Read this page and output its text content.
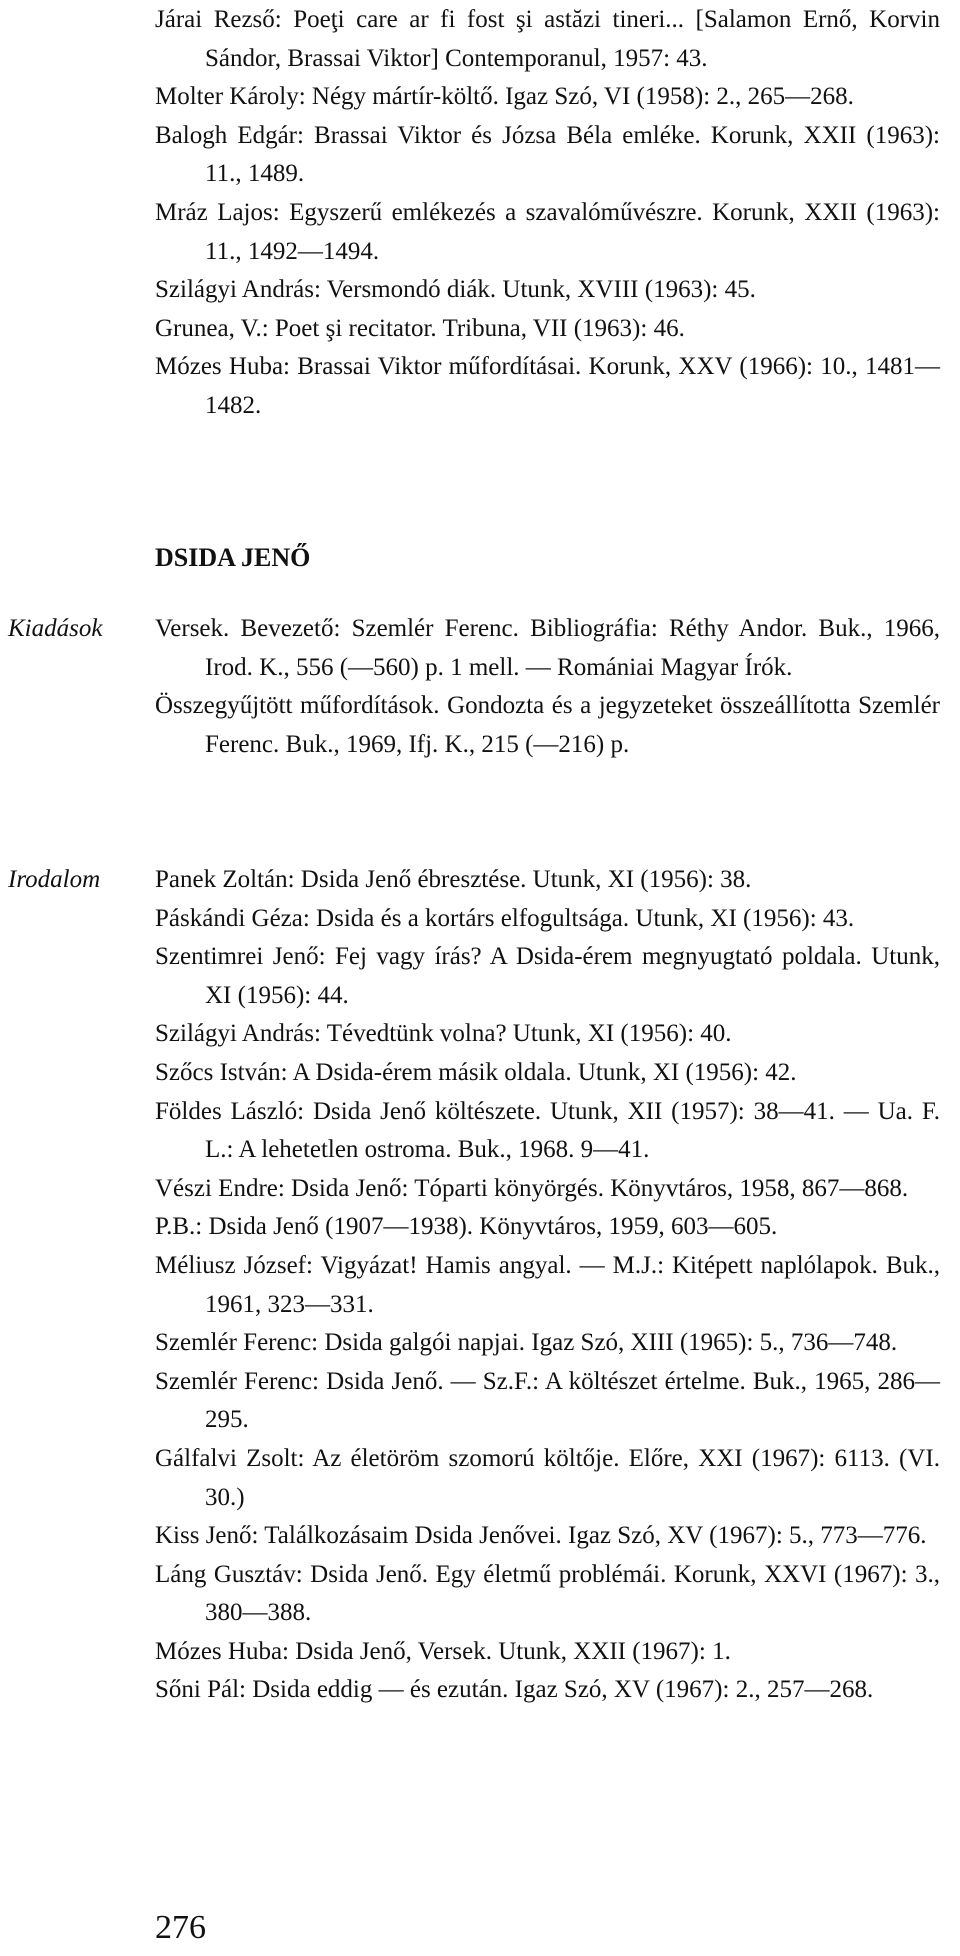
Járai Rezső: Poeţi care ar fi fost şi astăzi tineri... [Salamon Ernő, Korvin Sándor, Brassai Viktor] Contemporanul, 1957: 43.
Molter Károly: Négy mártír-költő. Igaz Szó, VI (1958): 2., 265—268.
Balogh Edgár: Brassai Viktor és Józsa Béla emléke. Korunk, XXII (1963): 11., 1489.
Mráz Lajos: Egyszerű emlékezés a szavalóművészre. Korunk, XXII (1963): 11., 1492—1494.
Szilágyi András: Versmondó diák. Utunk, XVIII (1963): 45.
Grunea, V.: Poet şi recitator. Tribuna, VII (1963): 46.
Mózes Huba: Brassai Viktor műfordításai. Korunk, XXV (1966): 10., 1481—1482.
DSIDA JENŐ
Kiadások Versek. Bevezető: Szemlér Ferenc. Bibliográfia: Réthy Andor. Buk., 1966, Irod. K., 556 (—560) p. 1 mell. — Romániai Magyar Írók.
Összegyűjtött műfordítások. Gondozta és a jegyzeteket összeállította Szemlér Ferenc. Buk., 1969, Ifj. K., 215 (—216) p.
Irodalom Panek Zoltán: Dsida Jenő ébresztése. Utunk, XI (1956): 38.
Páskándi Géza: Dsida és a kortárs elfogultsága. Utunk, XI (1956): 43.
Szentimrei Jenő: Fej vagy írás? A Dsida-érem megnyugtató poldala. Utunk, XI (1956): 44.
Szilágyi András: Tévedtünk volna? Utunk, XI (1956): 40.
Szőcs István: A Dsida-érem másik oldala. Utunk, XI (1956): 42.
Földes László: Dsida Jenő költészete. Utunk, XII (1957): 38—41. — Ua. F. L.: A lehetetlen ostroma. Buk., 1968. 9—41.
Vészi Endre: Dsida Jenő: Tóparti könyörgés. Könyvtáros, 1958, 867—868.
P.B.: Dsida Jenő (1907—1938). Könyvtáros, 1959, 603—605.
Méliusz József: Vigyázat! Hamis angyal. — M.J.: Kitépett naplólapok. Buk., 1961, 323—331.
Szemlér Ferenc: Dsida galgói napjai. Igaz Szó, XIII (1965): 5., 736—748.
Szemlér Ferenc: Dsida Jenő. — Sz.F.: A költészet értelme. Buk., 1965, 286—295.
Gálfalvi Zsolt: Az életöröm szomorú költője. Előre, XXI (1967): 6113. (VI. 30.)
Kiss Jenő: Találkozásaim Dsida Jenővei. Igaz Szó, XV (1967): 5., 773—776.
Láng Gusztáv: Dsida Jenő. Egy életmű problémái. Korunk, XXVI (1967): 3., 380—388.
Mózes Huba: Dsida Jenő, Versek. Utunk, XXII (1967): 1.
Sőni Pál: Dsida eddig — és ezután. Igaz Szó, XV (1967): 2., 257—268.
276
